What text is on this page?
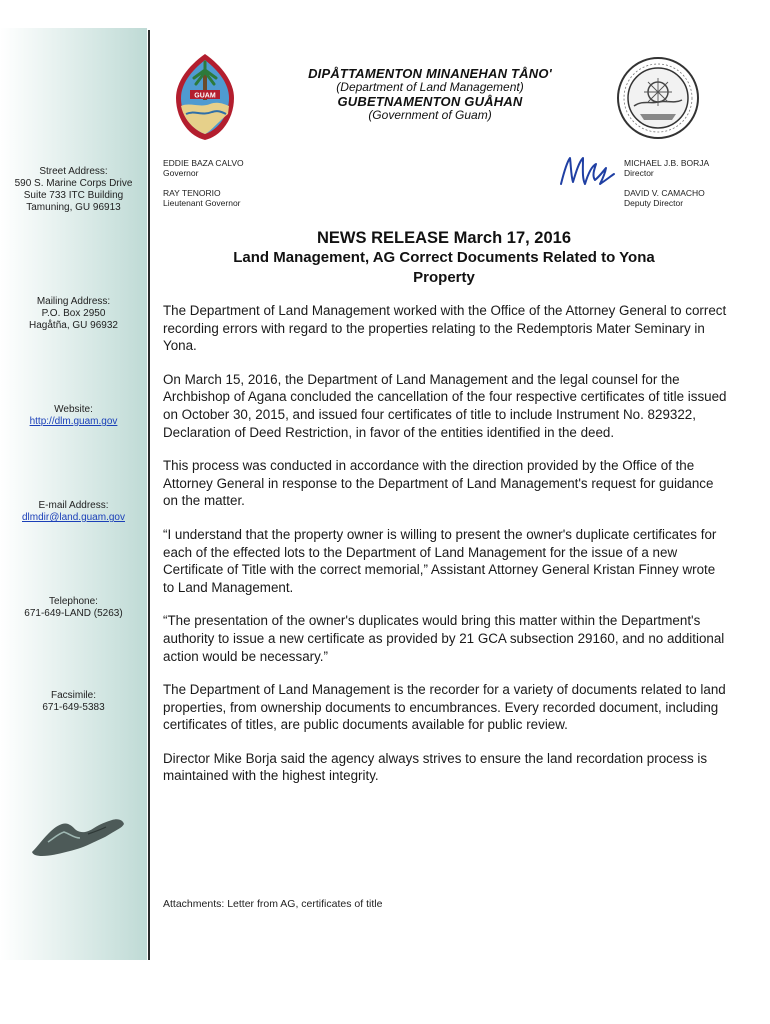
Street Address:
590 S. Marine Corps Drive
Suite 733 ITC Building
Tamuning, GU 96913
Mailing Address:
P.O. Box 2950
Hagåtña, GU 96932
Website:
http://dlm.guam.gov
E-mail Address:
dlmdir@land.guam.gov
Telephone:
671-649-LAND (5263)
Facsimile:
671-649-5383
GUAM
DIPÅTTAMENTON MINANEHAN TÅNO'
(Department of Land Management)
GUBETNAMENTON GUÅHAN
(Government of Guam)
EDDIE BAZA CALVO
Governor
RAY TENORIO
Lieutenant Governor
MICHAEL J.B. BORJA
Director
DAVID V. CAMACHO
Deputy Director
MB
NEWS RELEASE March 17, 2016
Land Management, AG Correct Documents Related to Yona
Property

The Department of Land Management worked with the Office of the Attorney General to correct recording errors with regard to the properties relating to the Redemptoris Mater Seminary in Yona.

On March 15, 2016, the Department of Land Management and the legal counsel for the Archbishop of Agana concluded the cancellation of the four respective certificates of title issued on October 30, 2015, and issued four certificates of title to include Instrument No. 829322, Declaration of Deed Restriction, in favor of the entities identified in the deed.

This process was conducted in accordance with the direction provided by the Office of the Attorney General in response to the Department of Land Management's request for guidance on the matter.

“I understand that the property owner is willing to present the owner's duplicate certificates for each of the effected lots to the Department of Land Management for the issue of a new Certificate of Title with the correct memorial,” Assistant Attorney General Kristan Finney wrote to Land Management.

“The presentation of the owner's duplicates would bring this matter within the Department's authority to issue a new certificate as provided by 21 GCA subsection 29160, and no additional action would be necessary.”

The Department of Land Management is the recorder for a variety of documents related to land properties, from ownership documents to encumbrances. Every recorded document, including certificates of titles, are public documents available for public review.

Director Mike Borja said the agency always strives to ensure the land recordation process is maintained with the highest integrity.

Attachments: Letter from AG, certificates of title
